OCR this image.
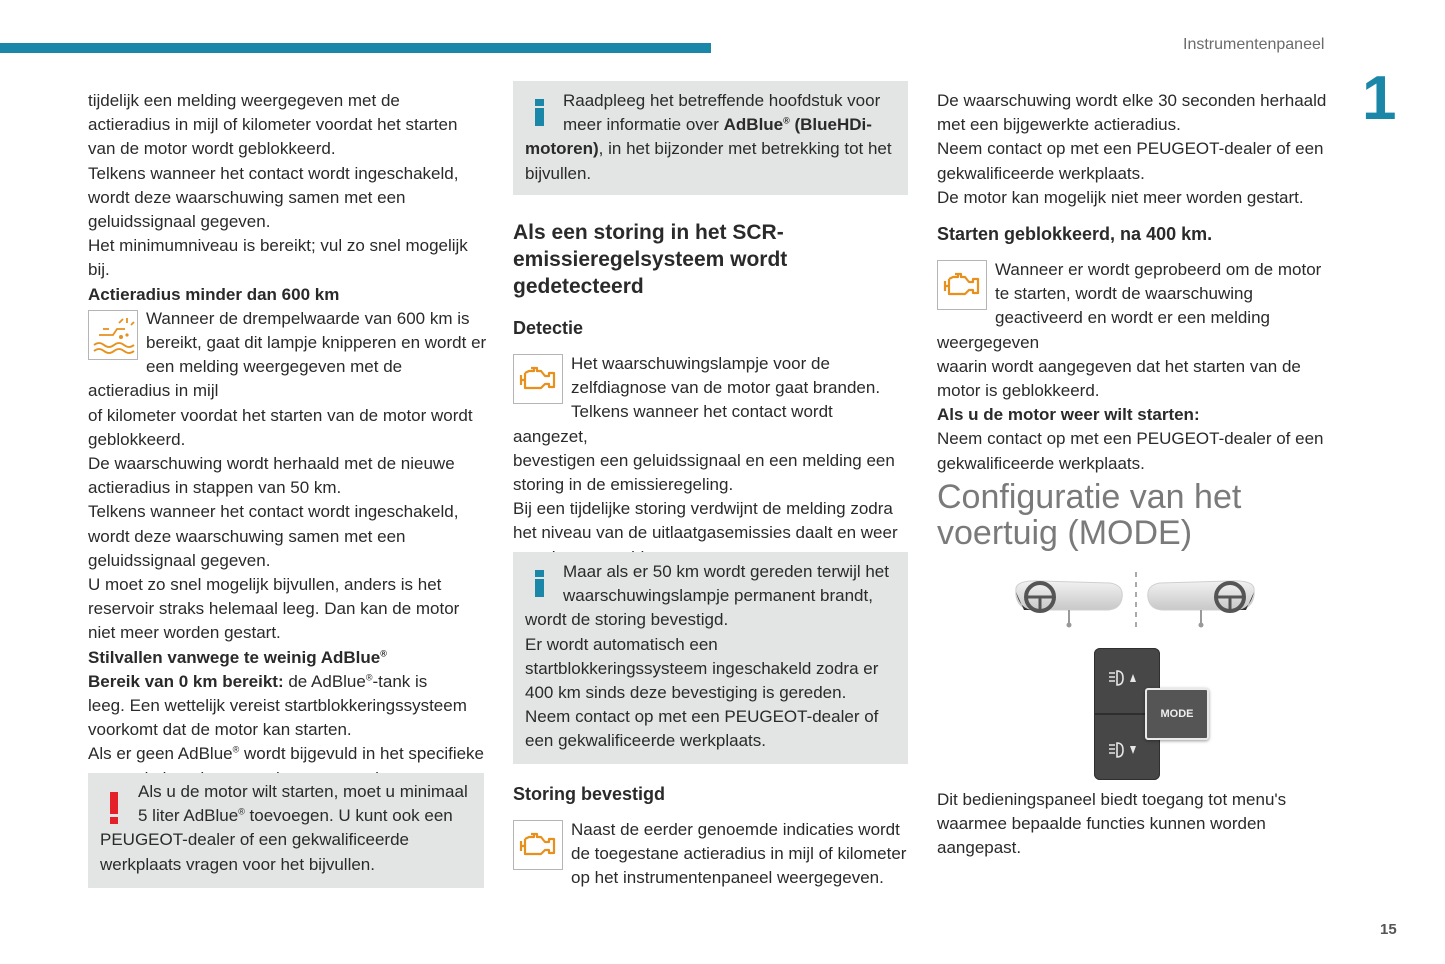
Instrumentenpaneel
1
15

tijdelijk een melding weergegeven met de

actieradius in mijl of kilometer voordat het starten

van de motor wordt geblokkeerd.

Telkens wanneer het contact wordt ingeschakeld,

wordt deze waarschuwing samen met een

geluidssignaal gegeven.

Het minimumniveau is bereikt; vul zo snel mogelijk

bij.

Actieradius minder dan 600 km

Wanneer de drempelwaarde van 600 km is

bereikt, gaat dit lampje knipperen en wordt er

een melding weergegeven met de actieradius in mijl

of kilometer voordat het starten van de motor wordt

geblokkeerd.

De waarschuwing wordt herhaald met de nieuwe

actieradius in stappen van 50 km.

Telkens wanneer het contact wordt ingeschakeld,

wordt deze waarschuwing samen met een

geluidssignaal gegeven.

U moet zo snel mogelijk bijvullen, anders is het

reservoir straks helemaal leeg. Dan kan de motor

niet meer worden gestart.

Stilvallen vanwege te weinig AdBlue®

Bereik van 0 km bereikt: de AdBlue®-tank is

leeg. Een wettelijk vereist startblokkeringssysteem

voorkomt dat de motor kan starten.

Als er geen AdBlue® wordt bijgevuld in het specifieke

Als u de motor wilt starten, moet u minimaal

5 liter AdBlue® toevoegen. U kunt ook een

PEUGEOT-dealer of een gekwalificeerde

werkplaats vragen voor het bijvullen.

Raadpleeg het betreffende hoofdstuk voor

meer informatie over AdBlue® (BlueHDi-

motoren), in het bijzonder met betrekking tot het

bijvullen.

Als een storing in het SCR-
emissieregelsysteem wordt
gedetecteerd
Detectie

Het waarschuwingslampje voor de

zelfdiagnose van de motor gaat branden.

Telkens wanneer het contact wordt aangezet,

bevestigen een geluidssignaal en een melding een

storing in de emissieregeling.

Bij een tijdelijke storing verdwijnt de melding zodra

het niveau van de uitlaatgasemissies daalt en weer

Maar als er 50 km wordt gereden terwijl het

waarschuwingslampje permanent brandt,

wordt de storing bevestigd.

Er wordt automatisch een

startblokkeringssysteem ingeschakeld zodra er

400 km sinds deze bevestiging is gereden.

Neem contact op met een PEUGEOT-dealer of

een gekwalificeerde werkplaats.

Storing bevestigd

Naast de eerder genoemde indicaties wordt

de toegestane actieradius in mijl of kilometer

op het instrumentenpaneel weergegeven.

De waarschuwing wordt elke 30 seconden herhaald

met een bijgewerkte actieradius.

Neem contact op met een PEUGEOT-dealer of een

gekwalificeerde werkplaats.

De motor kan mogelijk niet meer worden gestart.

Starten geblokkeerd, na 400 km.

Wanneer er wordt geprobeerd om de motor

te starten, wordt de waarschuwing

geactiveerd en wordt er een melding weergegeven

waarin wordt aangegeven dat het starten van de

motor is geblokkeerd.

Als u de motor weer wilt starten:

Neem contact op met een PEUGEOT-dealer of een

gekwalificeerde werkplaats.

Configuratie van het
voertuig (MODE)
MODE

Dit bedieningspaneel biedt toegang tot menu's

waarmee bepaalde functies kunnen worden

aangepast.
